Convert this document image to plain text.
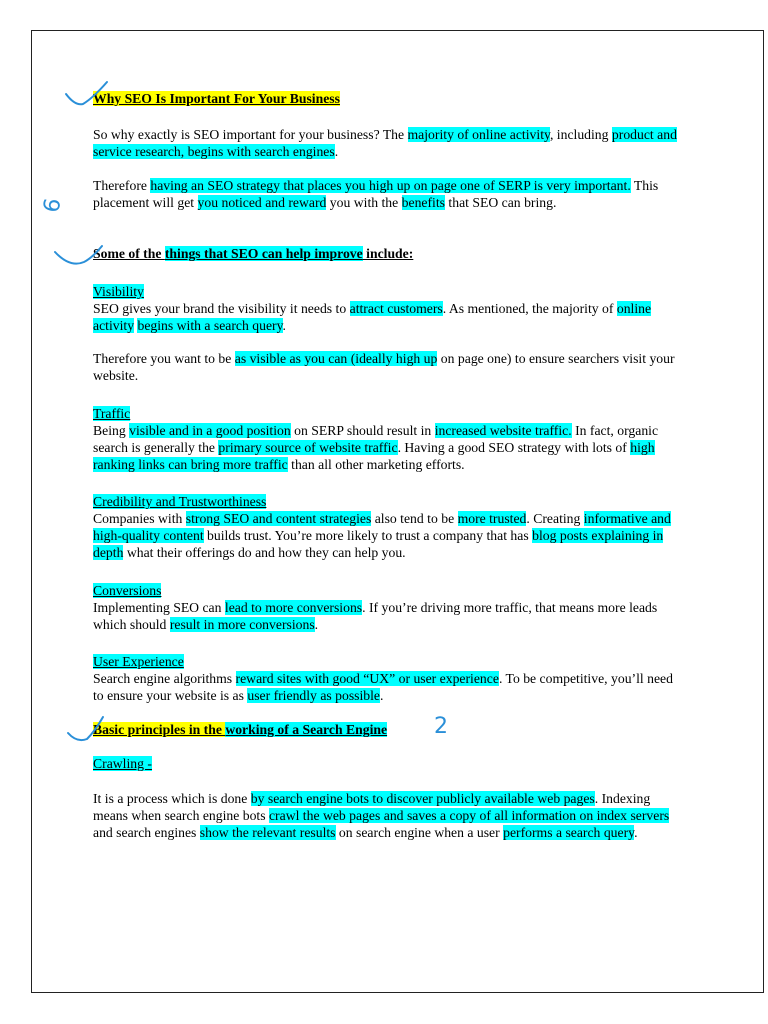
Why SEO Is Important For Your Business

So why exactly is SEO important for your business? The majority of online activity, including product and service research, begins with search engines.

Therefore having an SEO strategy that places you high up on page one of SERP is very important. This placement will get you noticed and reward you with the benefits that SEO can bring.

Some of the things that SEO can help improve include:

Visibility

SEO gives your brand the visibility it needs to attract customers. As mentioned, the majority of online activity begins with a search query.

Therefore you want to be as visible as you can (ideally high up on page one) to ensure searchers visit your website.

Traffic

Being visible and in a good position on SERP should result in increased website traffic. In fact, organic search is generally the primary source of website traffic. Having a good SEO strategy with lots of high ranking links can bring more traffic than all other marketing efforts.

Credibility and Trustworthiness

Companies with strong SEO and content strategies also tend to be more trusted. Creating informative and high-quality content builds trust. You’re more likely to trust a company that has blog posts explaining in depth what their offerings do and how they can help you.

Conversions

Implementing SEO can lead to more conversions. If you’re driving more traffic, that means more leads which should result in more conversions.

User Experience

Search engine algorithms reward sites with good “UX” or user experience. To be competitive, you’ll need to ensure your website is as user friendly as possible.

Basic principles in the working of a Search Engine

Crawling -

It is a process which is done by search engine bots to discover publicly available web pages. Indexing means when search engine bots crawl the web pages and saves a copy of all information on index servers and search engines show the relevant results on search engine when a user performs a search query.

6
2
